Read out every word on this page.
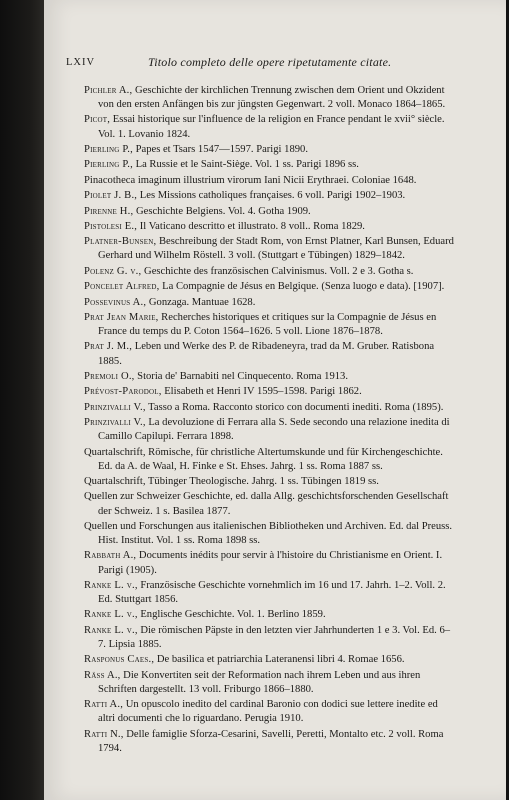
LXIV	Titolo completo delle opere ripetutamente citate.

Pichler A., Geschichte der kirchlichen Trennung zwischen dem Orient und Okzident von den ersten Anfängen bis zur jüngsten Gegenwart. 2 voll. Monaco 1864–1865.

Picot, Essai historique sur l'influence de la religion en France pendant le xvii° siècle. Vol. 1. Lovanio 1824.

Pierling P., Papes et Tsars 1547—1597. Parigi 1890.

Pierling P., La Russie et le Saint-Siège. Vol. 1 ss. Parigi 1896 ss.

Pinacotheca imaginum illustrium virorum Iani Nicii Erythraei. Coloniae 1648.

Piolet J. B., Les Missions catholiques françaises. 6 voll. Parigi 1902–1903.

Pirenne H., Geschichte Belgiens. Vol. 4. Gotha 1909.

Pistolesi E., Il Vaticano descritto et illustrato. 8 voll.. Roma 1829.

Platner-Bunsen, Beschreibung der Stadt Rom, von Ernst Platner, Karl Bunsen, Eduard Gerhard und Wilhelm Röstell. 3 voll. (Stuttgart e Tübingen) 1829–1842.

Polenz G. v., Geschichte des französischen Calvinismus. Voll. 2 e 3. Gotha s.

Poncelet Alfred, La Compagnie de Jésus en Belgique. (Senza luogo e data). [1907].

Possevinus A., Gonzaga. Mantuae 1628.

Prat Jean Marie, Recherches historiques et critiques sur la Compagnie de Jésus en France du temps du P. Coton 1564–1626. 5 voll. Lione 1876–1878.

Prat J. M., Leben und Werke des P. de Ribadeneyra, trad da M. Gruber. Ratisbona 1885.

Premoli O., Storia de' Barnabiti nel Cinquecento. Roma 1913.

Prévost-Parodol, Elisabeth et Henri IV 1595–1598. Parigi 1862.

Prinzivalli V., Tasso a Roma. Racconto storico con documenti inediti. Roma (1895).

Prinzivalli V., La devoluzione di Ferrara alla S. Sede secondo una relazione inedita di Camillo Capilupi. Ferrara 1898.

Quartalschrift, Römische, für christliche Altertumskunde und für Kirchengeschichte. Ed. da A. de Waal, H. Finke e St. Ehses. Jahrg. 1 ss. Roma 1887 ss.

Quartalschrift, Tübinger Theologische. Jahrg. 1 ss. Tübingen 1819 ss.

Quellen zur Schweizer Geschichte, ed. dalla Allg. geschichtsforschenden Gesellschaft der Schweiz. 1 s. Basilea 1877.

Quellen und Forschungen aus italienischen Bibliotheken und Archiven. Ed. dal Preuss. Hist. Institut. Vol. 1 ss. Roma 1898 ss.

Rabbath A., Documents inédits pour servir à l'histoire du Christianisme en Orient. I. Parigi (1905).

Ranke L. v., Französische Geschichte vornehmlich im 16 und 17. Jahrh. 1–2. Voll. 2. Ed. Stuttgart 1856.

Ranke L. v., Englische Geschichte. Vol. 1. Berlino 1859.

Ranke L. v., Die römischen Päpste in den letzten vier Jahrhunderten 1 e 3. Vol. Ed. 6–7. Lipsia 1885.

Rasponus Caes., De basilica et patriarchia Lateranensi libri 4. Romae 1656.

Räss A., Die Konvertiten seit der Reformation nach ihrem Leben und aus ihren Schriften dargestellt. 13 voll. Friburgo 1866–1880.

Ratti A., Un opuscolo inedito del cardinal Baronio con dodici sue lettere inedite ed altri documenti che lo riguardano. Perugia 1910.

Ratti N., Delle famiglie Sforza-Cesarini, Savelli, Peretti, Montalto etc. 2 voll. Roma 1794.
